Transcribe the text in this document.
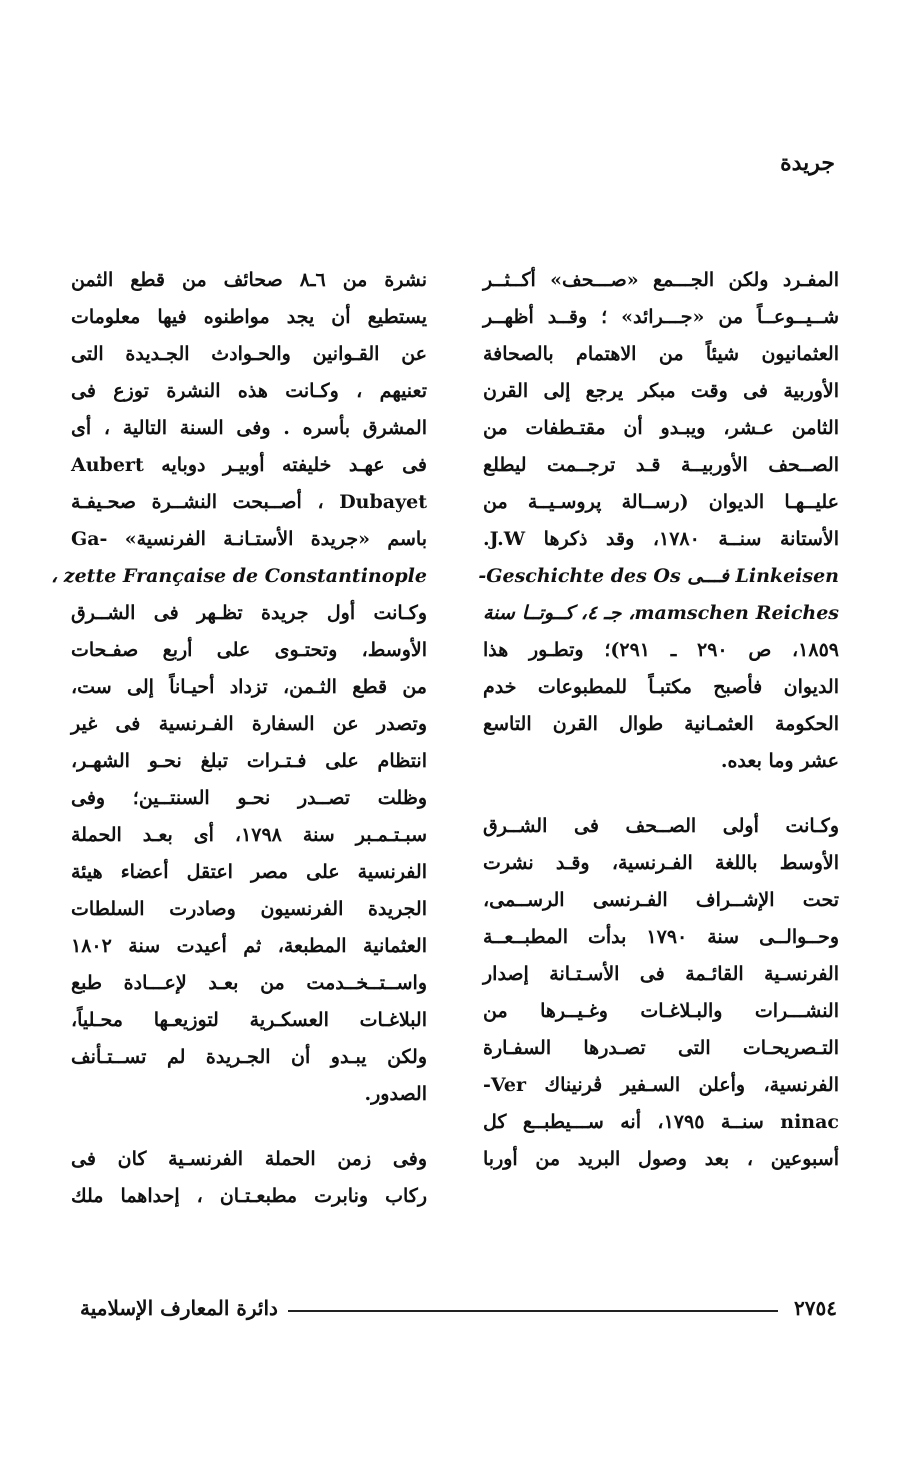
جريدة
المفـرد ولكن الجـــمع «صـــحف» أكــثــر
شــيــوعــاً من «جـــرائد» ؛ وقــد أظهــر
العثمانيون شيئاً من الاهتمام بالصحافة
الأوربية فى وقت مبكر يرجع إلى القرن
الثامن عـشر، ويبـدو أن مقتـطفات من
الصــحف الأوربيــة قـد ترجــمت ليطلع
عليــهـا الديوان (رســالة پروسـيــة من
الأستانة سنــة ١٧٨٠، وقد ذكرها J.W.
Linkeisen فـــى Geschichte des Os-
mamschen Reiches، جـ ٤، كــوتــا سنة
١٨٥٩، ص ٢٩٠ ـ ٢٩١)؛ وتطـور هذا
الديوان فأصبح مكتبـاً للمطبوعات خدم
الحكومة العثمـانية طوال القرن التاسع
عشر وما بعده.
وكـانت أولى الصــحف فى الشــرق
الأوسط باللغة الفـرنسية، وقـد نشرت
تحت الإشــراف الفـرنسى الرســمى،
وحــوالــى سنة ١٧٩٠ بدأت المطبــعــة
الفرنسـية القائـمة فى الأسـتـانة إصدار
النشـــرات والبـلاغـات وغـيــرها من
التـصريحـات التى تصـدرها السفـارة
الفرنسية، وأعلن السـفير ڤرنيناك Ver-
ninac سنــة ١٧٩٥، أنه ســـيطبــع كل
أسبوعين ، بعد وصول البريد من أوربا
نشرة من ٦ـ٨ صحائف من قطع الثمن
يستطيع أن يجد مواطنوه فيها معلومات
عن القـوانين والحـوادث الجـديدة التى
تعنيهم ، وكـانت هذه النشرة توزع فى
المشرق بأسره . وفى السنة التالية ، أى
فى عهـد خليفته أوبيـر دوبايه Aubert
Dubayet ، أصــبحت النشــرة صحـيفـة
باسم «جريدة الأستـانـة الفرنسية» -Ga
zette Française de Constantinople ،
وكـانت أول جريدة تظـهر فى الشــرق
الأوسط، وتحتـوى على أربع صفـحات
من قطع الثـمن، تزداد أحيـاناً إلى ست،
وتصدر عن السفارة الفـرنسية فى غير
انتظام على فـتـرات تبلغ نحـو الشهـر،
وظلت تصــدر نحـو السنتــين؛ وفى
سبـتـمـبر سنة ١٧٩٨، أى بعـد الحملة
الفرنسية على مصر اعتقل أعضاء هيئة
الجريدة الفرنسيون وصادرت السلطات
العثمانية المطبعة، ثم أعيدت سنة ١٨٠٢
واســتــخــدمت من بعـد لإعـــادة طبع
البلاغـات العسكـرية لتوزيعـها محـلياً،
ولكن يبـدو أن الجـريدة لم تســتـأنف
الصدور.
وفى زمن الحملة الفرنسـية كان فى
ركاب ونابرت مطبعـتـان ، إحداهما ملك
٢٧٥٤
دائرة المعارف الإسلامية
